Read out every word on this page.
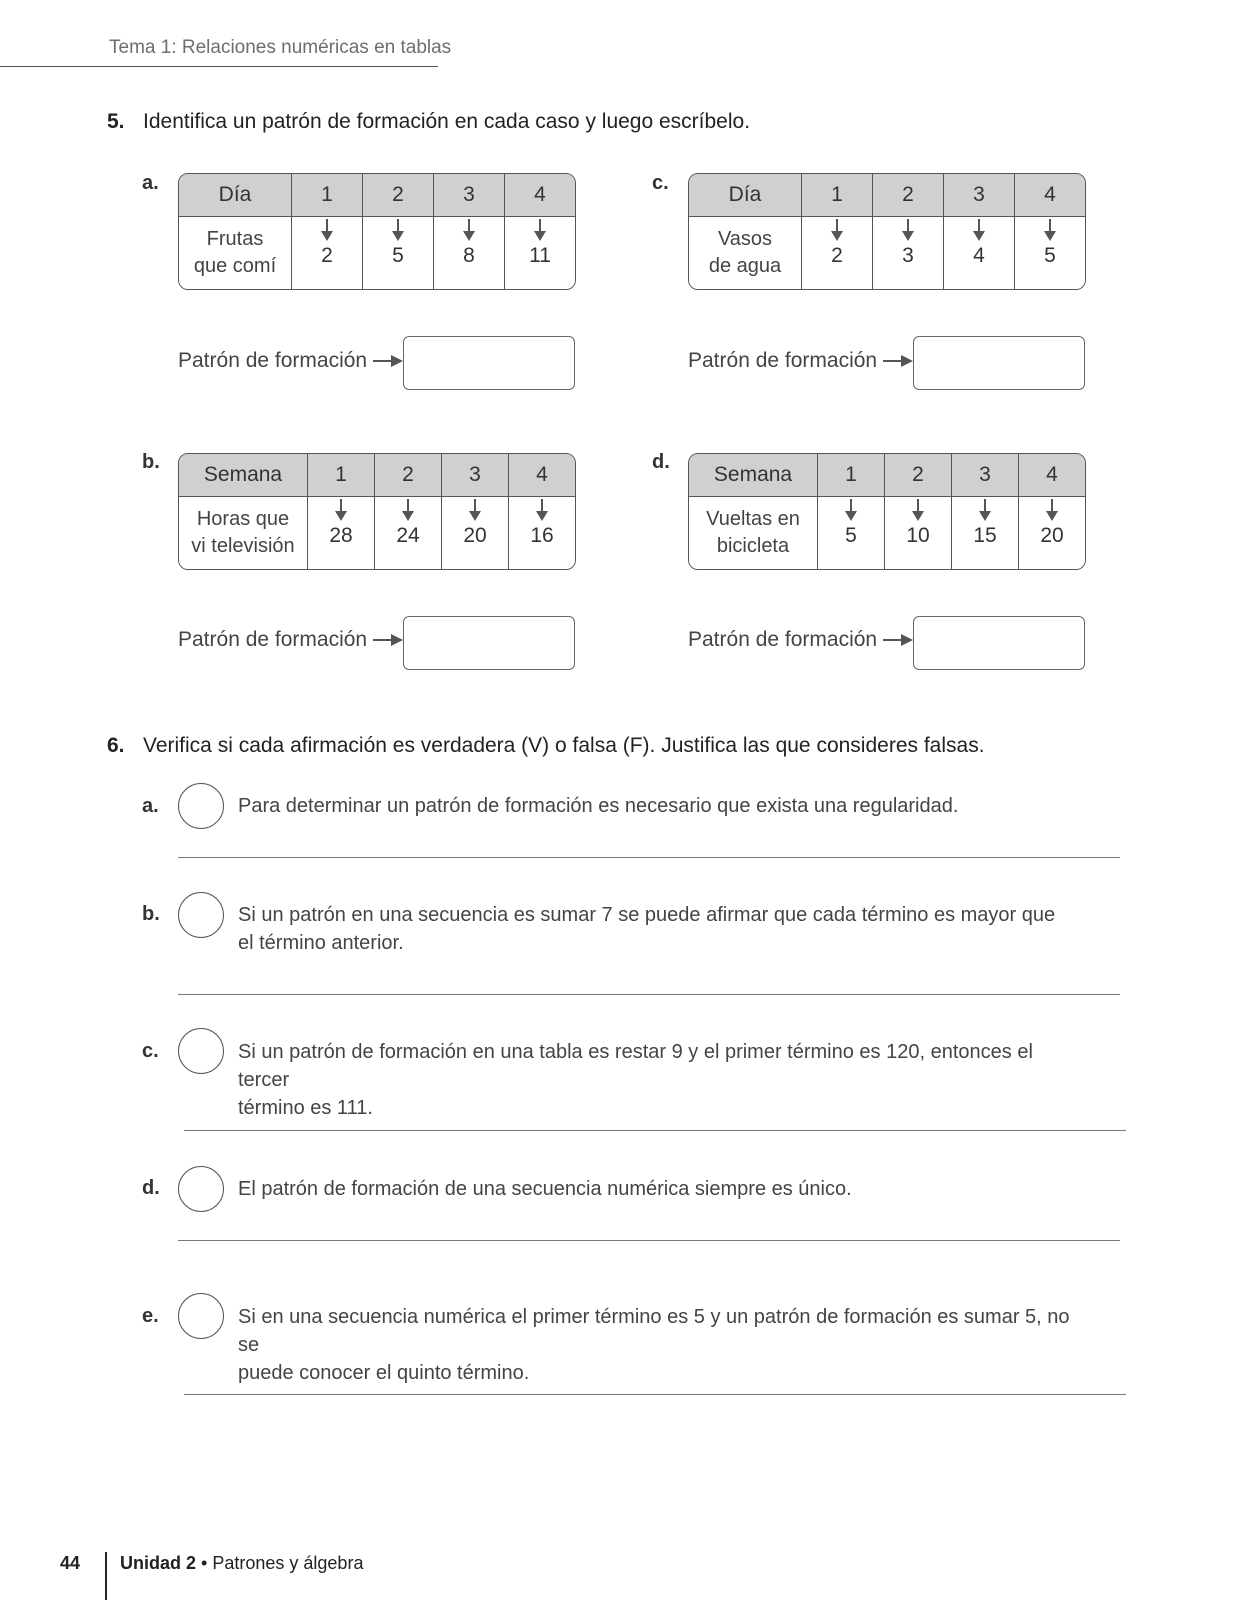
Tema 1: Relaciones numéricas en tablas
5. Identifica un patrón de formación en cada caso y luego escríbelo.
a.	Día	1	2	3	4
Frutas
que comí	2	5	8	11
Patrón de formación
c.	Día	1	2	3	4
Vasos
de agua	2	3	4	5
Patrón de formación
b.
Semana	1	2	3	4
Horas que
vi televisión	28	24	20	16
Patrón de formación
d.
Semana	1	2	3	4
Vueltas en
bicicleta	5	10	15	20
Patrón de formación
6. Verifica si cada afirmación es verdadera (V) o falsa (F). Justifica las que consideres falsas.
a.	Para determinar un patrón de formación es necesario que exista una regularidad.
b.	Si un patrón en una secuencia es sumar 7 se puede afirmar que cada término es mayor que
el término anterior.
c.	Si un patrón de formación en una tabla es restar 9 y el primer término es 120, entonces el tercer
término es 111.
d.	El patrón de formación de una secuencia numérica siempre es único.
e.	Si en una secuencia numérica el primer término es 5 y un patrón de formación es sumar 5, no se
puede conocer el quinto término.
44 Unidad 2 • Patrones y álgebra
